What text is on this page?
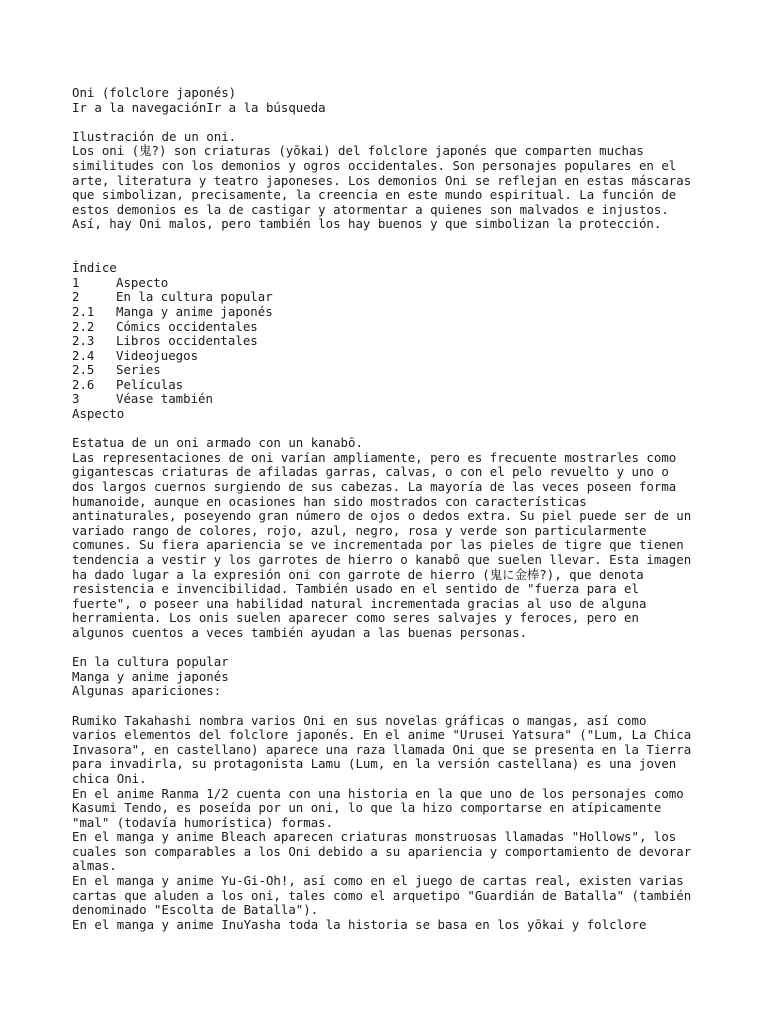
Oni (folclore japonés)
Ir a la navegaciónIr a la búsqueda
Ilustración de un oni.
Los oni (鬼?) son criaturas (yōkai) del folclore japonés que comparten muchas
similitudes con los demonios y ogros occidentales. Son personajes populares en el
arte, literatura y teatro japoneses. Los demonios Oni se reflejan en estas máscaras
que simbolizan, precisamente, la creencia en este mundo espiritual. La función de
estos demonios es la de castigar y atormentar a quienes son malvados e injustos.
Así, hay Oni malos, pero también los hay buenos y que simbolizan la protección.
Índice
1	Aspecto
2	En la cultura popular
2.1 Manga y anime japonés
2.2 Cómics occidentales
2.3 Libros occidentales
2.4 Videojuegos
2.5 Series
2.6 Películas
3	Véase también
Aspecto
Estatua de un oni armado con un kanabō.
Las representaciones de oni varían ampliamente, pero es frecuente mostrarles como
gigantescas criaturas de afiladas garras, calvas, o con el pelo revuelto y uno o
dos largos cuernos surgiendo de sus cabezas. La mayoría de las veces poseen forma
humanoide, aunque en ocasiones han sido mostrados con características
antinaturales, poseyendo gran número de ojos o dedos extra. Su piel puede ser de un
variado rango de colores, rojo, azul, negro, rosa y verde son particularmente
comunes. Su fiera apariencia se ve incrementada por las pieles de tigre que tienen
tendencia a vestir y los garrotes de hierro o kanabō que suelen llevar. Esta imagen
ha dado lugar a la expresión oni con garrote de hierro (鬼に金棒?), que denota
resistencia e invencibilidad. También usado en el sentido de "fuerza para el
fuerte", o poseer una habilidad natural incrementada gracias al uso de alguna
herramienta. Los onis suelen aparecer como seres salvajes y feroces, pero en
algunos cuentos a veces también ayudan a las buenas personas.
En la cultura popular
Manga y anime japonés
Algunas apariciones:
Rumiko Takahashi nombra varios Oni en sus novelas gráficas o mangas, así como
varios elementos del folclore japonés. En el anime "Urusei Yatsura" ("Lum, La Chica
Invasora", en castellano) aparece una raza llamada Oni que se presenta en la Tierra
para invadirla, su protagonista Lamu (Lum, en la versión castellana) es una joven
chica Oni.
En el anime Ranma 1/2 cuenta con una historia en la que uno de los personajes como
Kasumi Tendo, es poseída por un oni, lo que la hizo comportarse en atípicamente
"mal" (todavía humorística) formas.
En el manga y anime Bleach aparecen criaturas monstruosas llamadas "Hollows", los
cuales son comparables a los Oni debido a su apariencia y comportamiento de devorar
almas.
En el manga y anime Yu-Gi-Oh!, así como en el juego de cartas real, existen varias
cartas que aluden a los oni, tales como el arquetipo "Guardián de Batalla" (también
denominado "Escolta de Batalla").
En el manga y anime InuYasha toda la historia se basa en los yōkai y folclore
